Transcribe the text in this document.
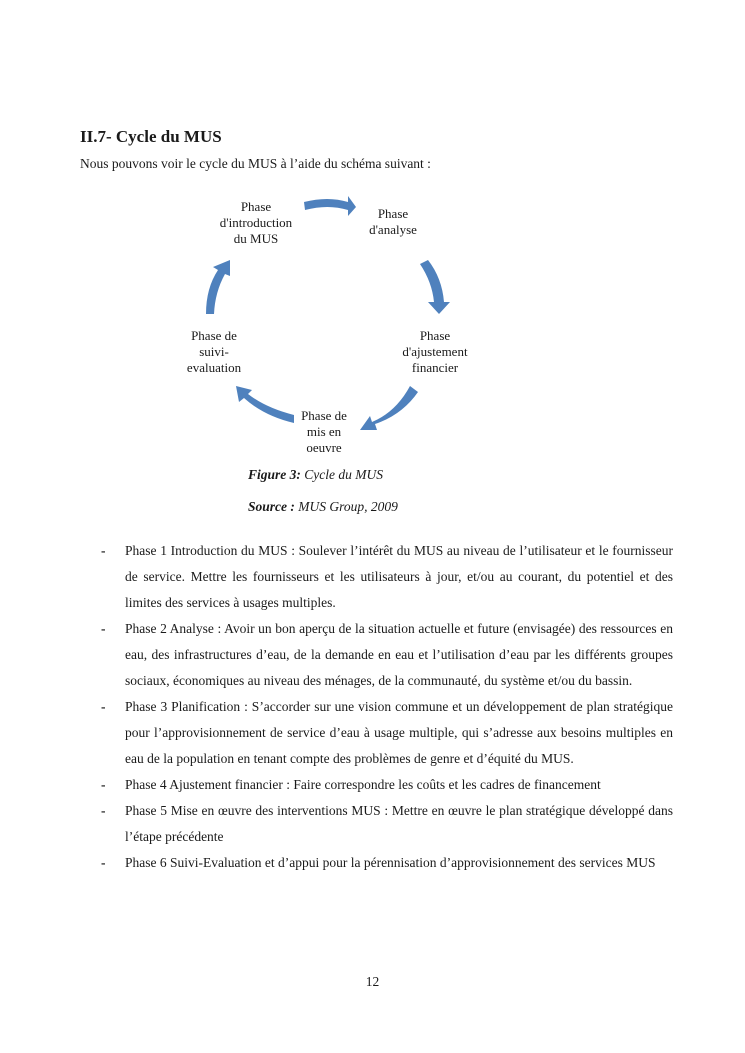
II.7- Cycle du MUS

Nous pouvons voir le cycle du MUS à l’aide du schéma suivant :

Phase
d'introduction
du MUS
Phase
d'analyse
Phase
d'ajustement
financier
Phase de
mis en
oeuvre
Phase de
suivi-
evaluation

Figure 3: Cycle du MUS

Source : MUS Group, 2009

- Phase 1 Introduction du MUS : Soulever l’intérêt du MUS au niveau de l’utilisateur et le fournisseur de service. Mettre les fournisseurs et les utilisateurs à jour, et/ou au courant, du potentiel et des limites des services à usages multiples.
- Phase 2 Analyse : Avoir un bon aperçu de la situation actuelle et future (envisagée) des ressources en eau, des infrastructures d’eau, de la demande en eau et l’utilisation d’eau par les différents groupes sociaux, économiques au niveau des ménages, de la communauté, du système et/ou du bassin.
- Phase 3 Planification : S’accorder sur une vision commune et un développement de plan stratégique pour l’approvisionnement de service d’eau à usage multiple, qui s’adresse aux besoins multiples en eau de la population en tenant compte des problèmes de genre et d’équité du MUS.
- Phase 4 Ajustement financier : Faire correspondre les coûts et les cadres de financement
- Phase 5 Mise en œuvre des interventions MUS : Mettre en œuvre le plan stratégique développé dans l’étape précédente
- Phase 6 Suivi-Evaluation et d’appui pour la pérennisation d’approvisionnement des services MUS
12
